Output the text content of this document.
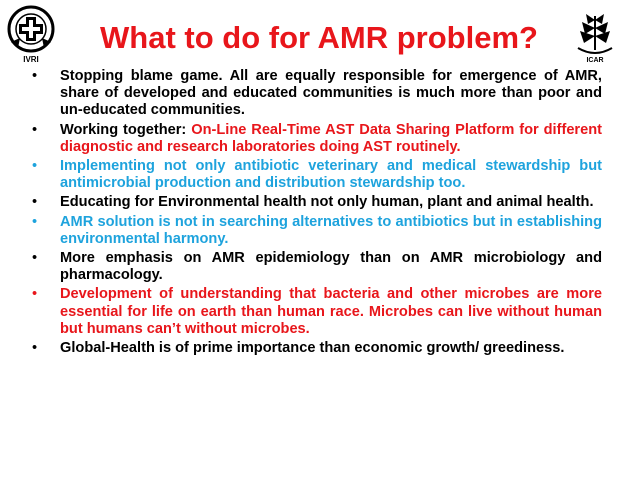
IVRI
What to do for AMR problem?
ICAR
• Stopping blame game. All are equally responsible for emergence of AMR, share of developed and educated communities is much more than poor and un-educated communities.
• Working together: On-Line Real-Time AST Data Sharing Platform for different diagnostic and research laboratories doing AST routinely.
• Implementing not only antibiotic veterinary and medical stewardship but antimicrobial production and distribution stewardship too.
• Educating for Environmental health not only human, plant and animal health.
• AMR solution is not in searching alternatives to antibiotics but in establishing environmental harmony.
• More emphasis on AMR epidemiology than on AMR microbiology and pharmacology.
• Development of understanding that bacteria and other microbes are more essential for life on earth than human race. Microbes can live without human but humans can’t without microbes.
• Global-Health is of prime importance than economic growth/ greediness.
